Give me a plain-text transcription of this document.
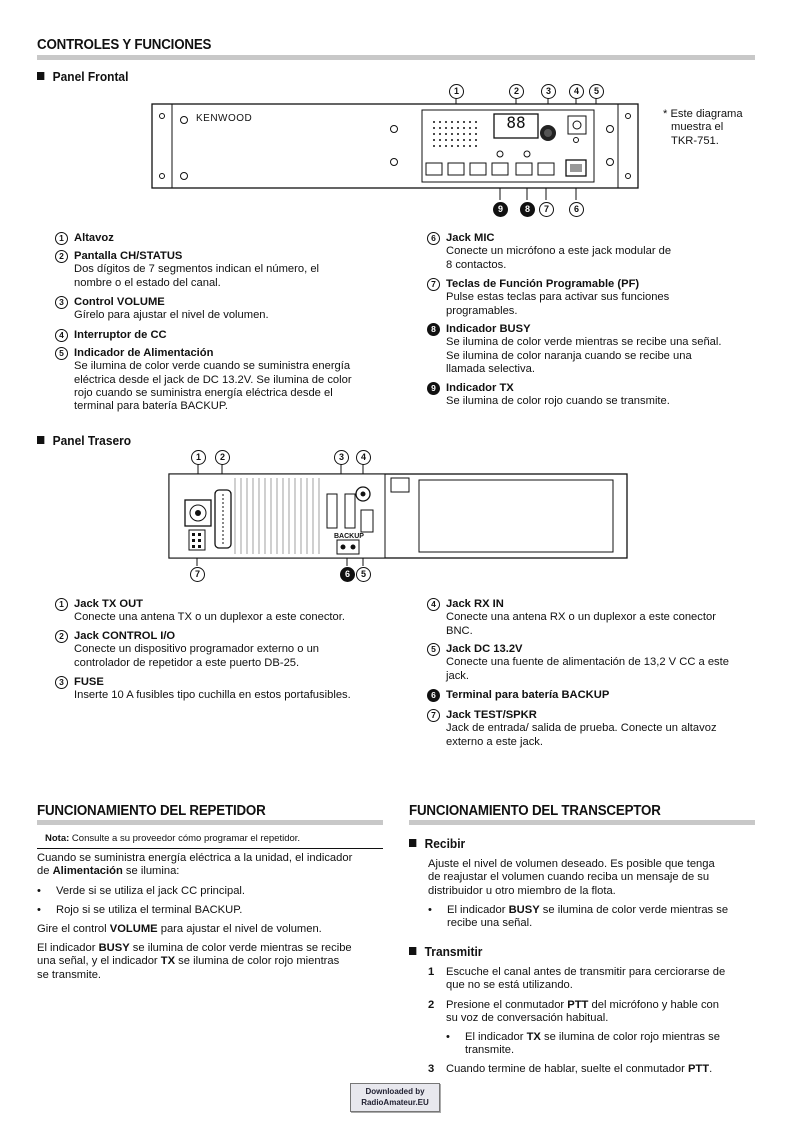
CONTROLES Y FUNCIONES
Panel Frontal
KENWOOD	88
1	2	3	4	5
9	8	7	6
* Este diagrama
muestra el
TKR-751.
1 Altavoz
2 Pantalla CH/STATUS
Dos dígitos de 7 segmentos indican el número, el
nombre o el estado del canal.
3 Control VOLUME
Gírelo para ajustar el nivel de volumen.
4 Interruptor de CC
5 Indicador de Alimentación
Se ilumina de color verde cuando se suministra energía
eléctrica desde el jack de DC 13.2V. Se ilumina de color
rojo cuando se suministra energía eléctrica desde el
terminal para batería BACKUP.
6 Jack MIC
Conecte un micrófono a este jack modular de
8 contactos.
7 Teclas de Función Programable (PF)
Pulse estas teclas para activar sus funciones
programables.
8 Indicador BUSY
Se ilumina de color verde mientras se recibe una señal.
Se ilumina de color naranja cuando se recibe una
llamada selectiva.
9 Indicador TX
Se ilumina de color rojo cuando se transmite.
Panel Trasero
BACKUP
1	2	3	4
7	6	5
1 Jack TX OUT
Conecte una antena TX o un duplexor a este conector.
2 Jack CONTROL I/O
Conecte un dispositivo programador externo o un
controlador de repetidor a este puerto DB-25.
3 FUSE
Inserte 10 A fusibles tipo cuchilla en estos portafusibles.
4 Jack RX IN
Conecte una antena RX o un duplexor a este conector
BNC.
5 Jack DC 13.2V
Conecte una fuente de alimentación de 13,2 V CC a este
jack.
6 Terminal para batería BACKUP
7 Jack TEST/SPKR
Jack de entrada/ salida de prueba. Conecte un altavoz
externo a este jack.
FUNCIONAMIENTO DEL REPETIDOR
Nota: Consulte a su proveedor cómo programar el repetidor.
Cuando se suministra energía eléctrica a la unidad, el indicador
de Alimentación se ilumina:
• Verde si se utiliza el jack CC principal.
• Rojo si se utiliza el terminal BACKUP.
Gire el control VOLUME para ajustar el nivel de volumen.
El indicador BUSY se ilumina de color verde mientras se recibe
una señal, y el indicador TX se ilumina de color rojo mientras
se transmite.
FUNCIONAMIENTO DEL TRANSCEPTOR
Recibir
Ajuste el nivel de volumen deseado. Es posible que tenga
de reajustar el volumen cuando reciba un mensaje de su
distribuidor u otro miembro de la flota.
• El indicador BUSY se ilumina de color verde mientras se
recibe una señal.
Transmitir
1 Escuche el canal antes de transmitir para cerciorarse de
que no se está utilizando.
2 Presione el conmutador PTT del micrófono y hable con
su voz de conversación habitual.
• El indicador TX se ilumina de color rojo mientras se
transmite.
3 Cuando termine de hablar, suelte el conmutador PTT.
Downloaded by
RadioAmateur.EU
